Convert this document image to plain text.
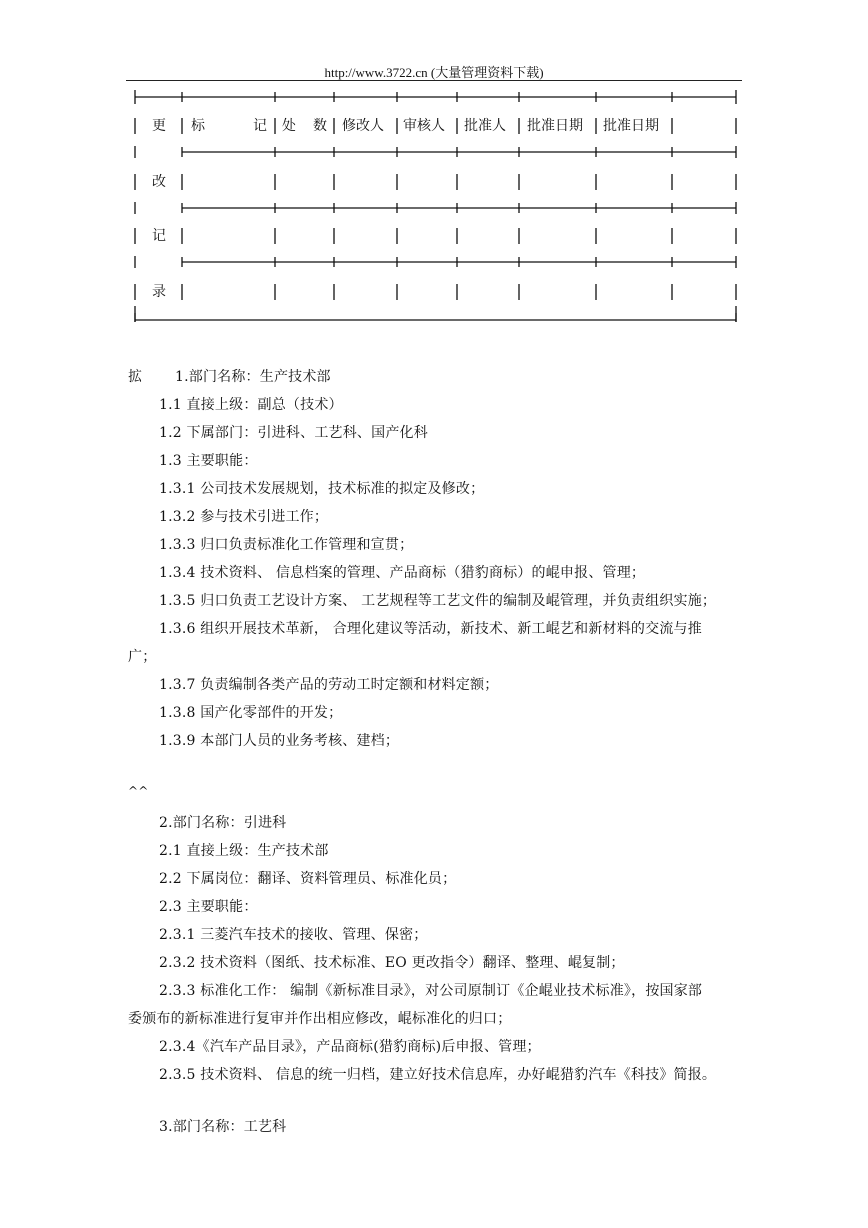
http://www.3722.cn (大量管理资料下载)
更
改
记
录
标	记 处 数 修改人 审核人 批准人 批准日期 批准日期
拡 1.部门名称：生产技术部
1.1 直接上级：副总（技术）
1.2 下属部门：引进科、工艺科、国产化科
1.3 主要职能：
1.3.1 公司技术发展规划，技术标准的拟定及修改；
1.3.2 参与技术引进工作；
1.3.3 归口负责标准化工作管理和宣贯；
1.3.4 技术资料、 信息档案的管理、产品商标（猎豹商标）的崐申报、管理；
1.3.5 归口负责工艺设计方案、 工艺规程等工艺文件的编制及崐管理，并负责组织实施；
1.3.6 组织开展技术革新， 合理化建议等活动，新技术、新工崐艺和新材料的交流与推
广；
1.3.7 负责编制各类产品的劳动工时定额和材料定额；
1.3.8 国产化零部件的开发；
1.3.9 本部门人员的业务考核、建档；
^^
2.部门名称：引进科
2.1 直接上级：生产技术部
2.2 下属岗位：翻译、资料管理员、标准化员；
2.3 主要职能：
2.3.1 三菱汽车技术的接收、管理、保密；
2.3.2 技术资料（图纸、技术标准、EO 更改指令）翻译、整理、崐复制；
2.3.3 标准化工作： 编制《新标准目录》，对公司原制订《企崐业技术标准》，按国家部
委颁布的新标准进行复审并作出相应修改，崐标准化的归口；
2.3.4《汽车产品目录》，产品商标(猎豹商标)后申报、管理；
2.3.5 技术资料、 信息的统一归档，建立好技术信息库，办好崐猎豹汽车《科技》简报。
3.部门名称：工艺科
